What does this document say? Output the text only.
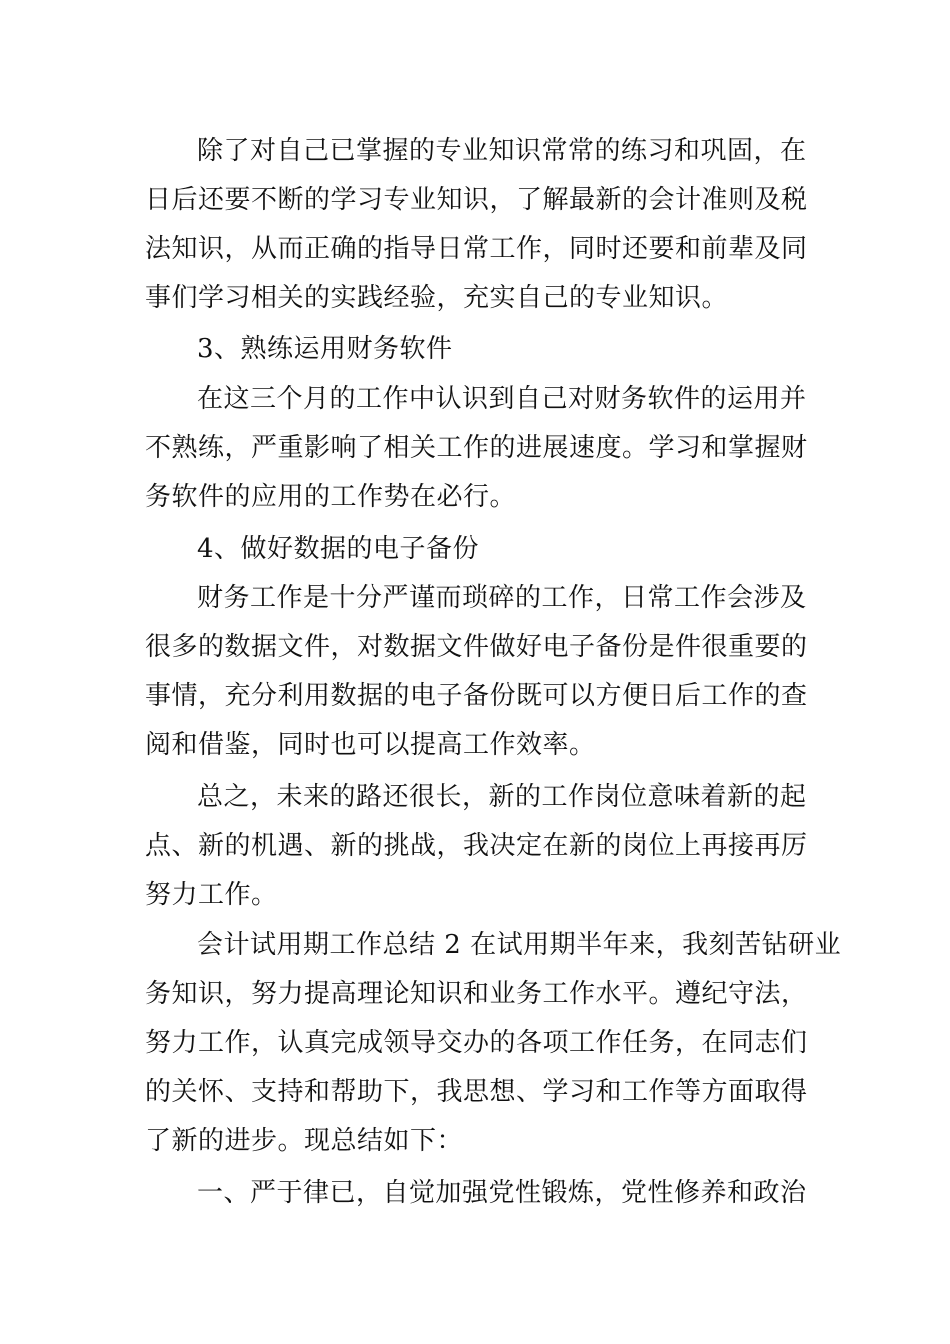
除了对自己已掌握的专业知识常常的练习和巩固，在

日后还要不断的学习专业知识，了解最新的会计准则及税

法知识，从而正确的指导日常工作，同时还要和前辈及同

事们学习相关的实践经验，充实自己的专业知识。

3、熟练运用财务软件

在这三个月的工作中认识到自己对财务软件的运用并

不熟练，严重影响了相关工作的进展速度。学习和掌握财

务软件的应用的工作势在必行。

4、做好数据的电子备份

财务工作是十分严谨而琐碎的工作，日常工作会涉及

很多的数据文件，对数据文件做好电子备份是件很重要的

事情，充分利用数据的电子备份既可以方便日后工作的查

阅和借鉴，同时也可以提高工作效率。

总之，未来的路还很长，新的工作岗位意味着新的起

点、新的机遇、新的挑战，我决定在新的岗位上再接再厉

努力工作。

会计试用期工作总结 2 在试用期半年来，我刻苦钻研业

务知识，努力提高理论知识和业务工作水平。遵纪守法，

努力工作，认真完成领导交办的各项工作任务，在同志们

的关怀、支持和帮助下，我思想、学习和工作等方面取得

了新的进步。现总结如下：

一、严于律已，自觉加强党性锻炼，党性修养和政治
